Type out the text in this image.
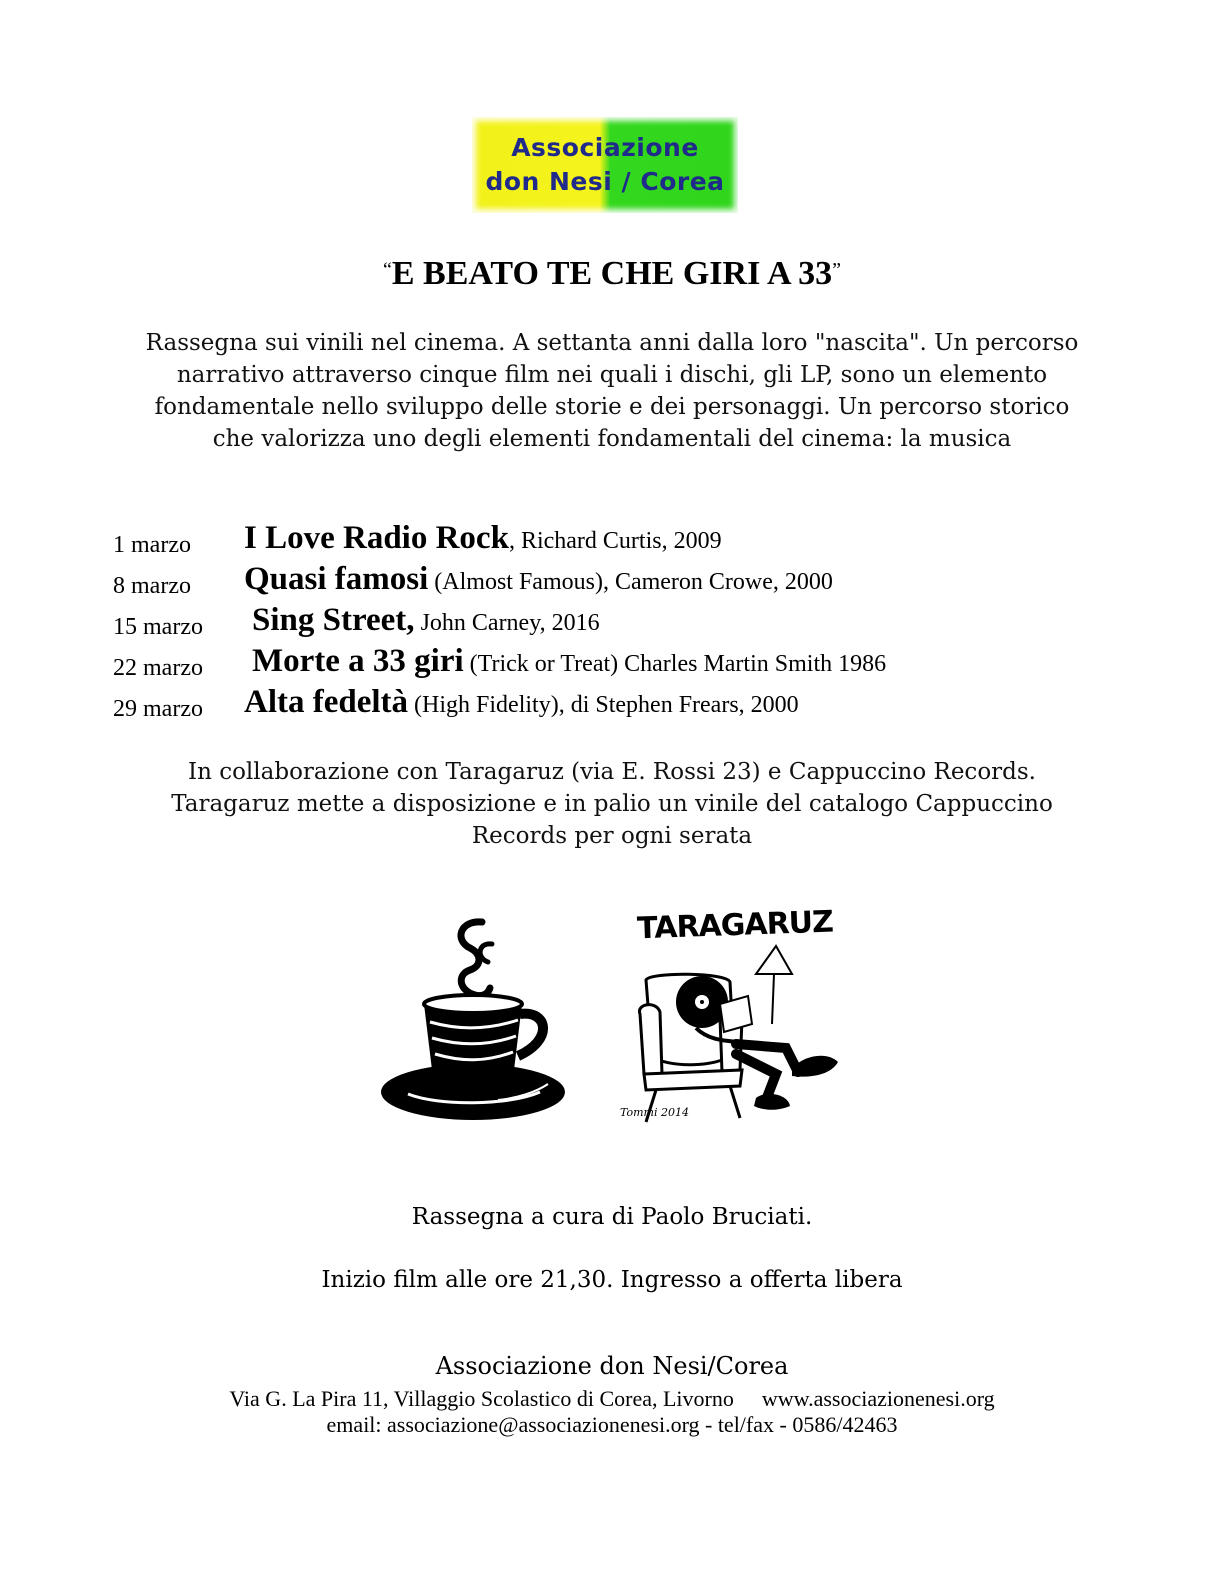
Associazione
don Nesi / Corea
“E BEATO TE CHE GIRI A 33”
Rassegna sui vinili nel cinema. A settanta anni dalla loro "nascita". Un percorso narrativo attraverso cinque film nei quali i dischi, gli LP, sono un elemento fondamentale nello sviluppo delle storie e dei personaggi. Un percorso storico che valorizza uno degli elementi fondamentali del cinema: la musica
1 marzo I Love Radio Rock, Richard Curtis, 2009
8 marzo Quasi famosi (Almost Famous), Cameron Crowe, 2000
15 marzo Sing Street, John Carney, 2016
22 marzo Morte a 33 giri (Trick or Treat) Charles Martin Smith 1986
29 marzo Alta fedeltà (High Fidelity), di Stephen Frears, 2000
In collaborazione con Taragaruz (via E. Rossi 23) e Cappuccino Records. Taragaruz mette a disposizione e in palio un vinile del catalogo Cappuccino Records per ogni serata
TARAGARUZ
Tommi 2014
Rassegna a cura di Paolo Bruciati.
Inizio film alle ore 21,30. Ingresso a offerta libera
Associazione don Nesi/Corea
Via G. La Pira 11, Villaggio Scolastico di Corea, Livorno www.associazionenesi.org
email: associazione@associazionenesi.org - tel/fax - 0586/42463
